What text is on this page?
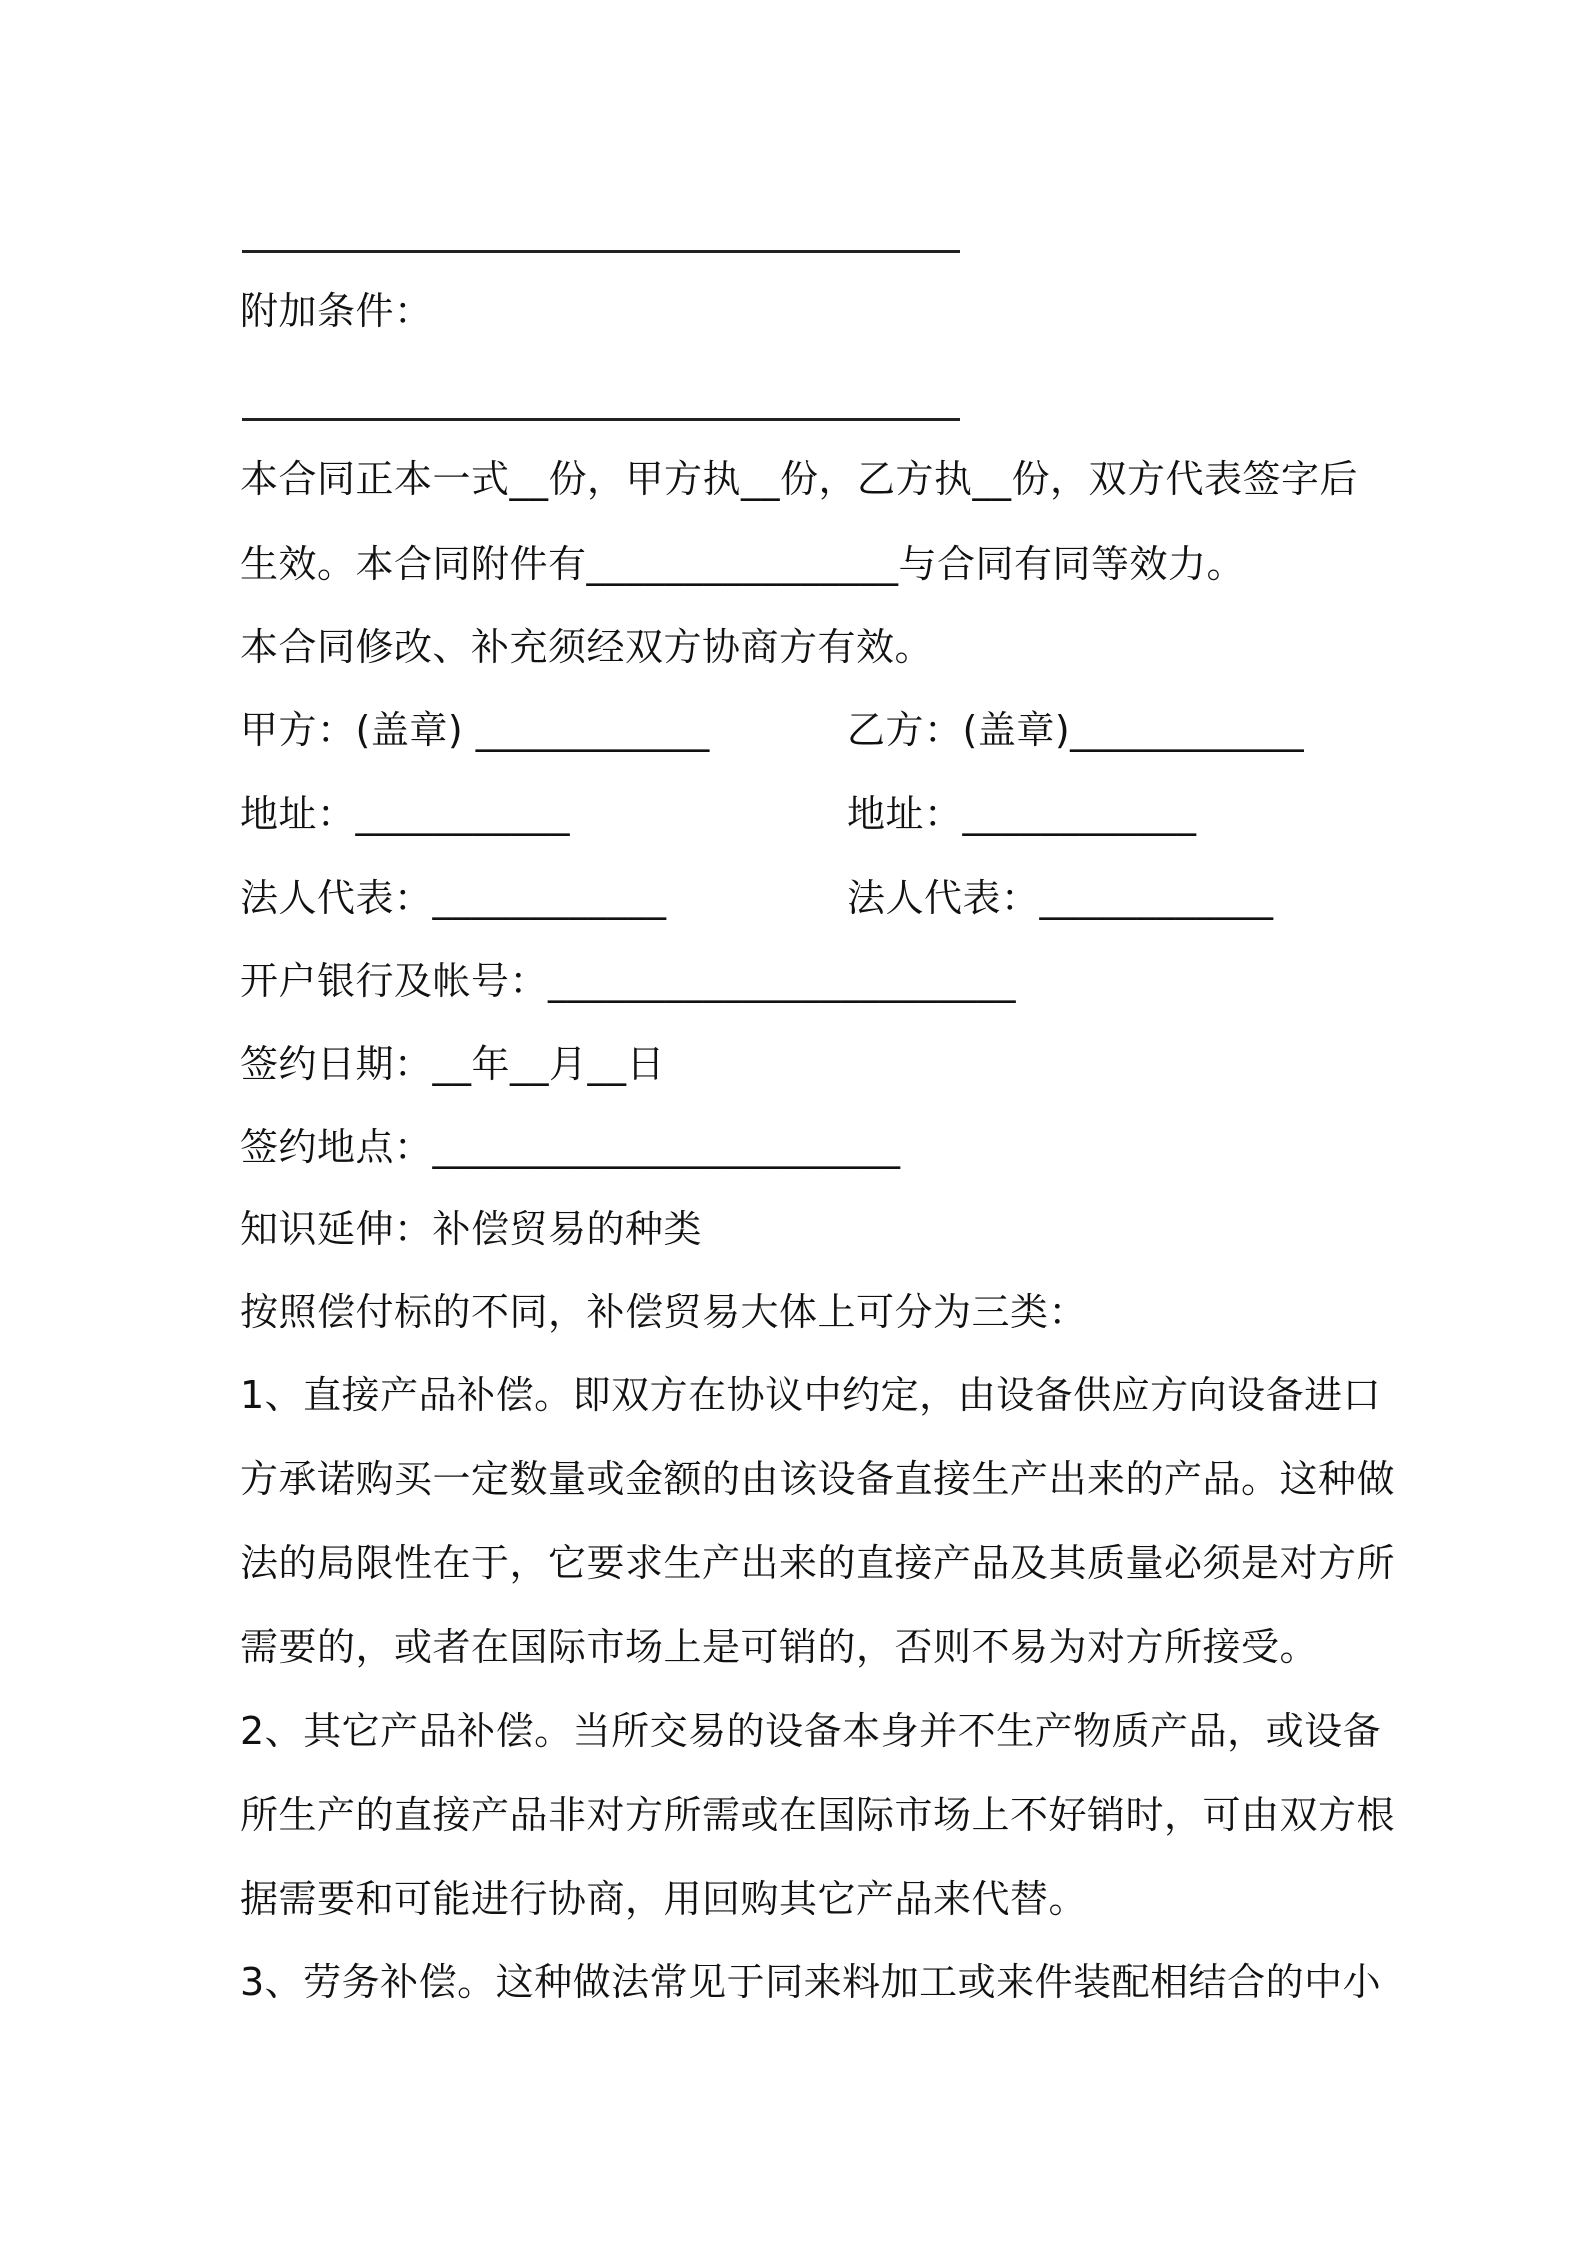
附加条件：
本合同正本一式__份，甲方执__份，乙方执__份，双方代表签字后
生效。本合同附件有________________与合同有同等效力。
本合同修改、补充须经双方协商方有效。
甲方：(盖章) ____________	乙方：(盖章)____________
地址：___________	地址：____________
法人代表：____________	法人代表：____________
开户银行及帐号：________________________
签约日期：__年__月__日
签约地点：________________________
知识延伸：补偿贸易的种类
按照偿付标的不同，补偿贸易大体上可分为三类：
1、直接产品补偿。即双方在协议中约定，由设备供应方向设备进口
方承诺购买一定数量或金额的由该设备直接生产出来的产品。这种做
法的局限性在于，它要求生产出来的直接产品及其质量必须是对方所
需要的，或者在国际市场上是可销的，否则不易为对方所接受。
2、其它产品补偿。当所交易的设备本身并不生产物质产品，或设备
所生产的直接产品非对方所需或在国际市场上不好销时，可由双方根
据需要和可能进行协商，用回购其它产品来代替。
3、劳务补偿。这种做法常见于同来料加工或来件装配相结合的中小
